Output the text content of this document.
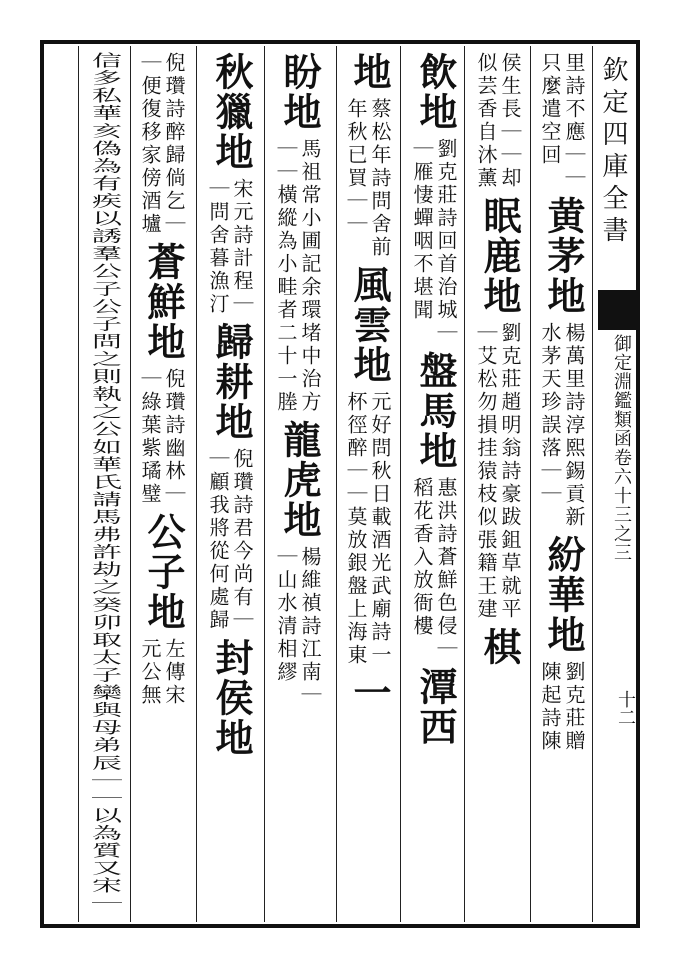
欽定四庫全書
御定淵鑑類函卷六十三之三
十二
里詩不應｜｜
只麼遣空回
黄茅地
楊萬里詩淳熙錫貢新
水茅天珍誤落｜｜
紛華地
劉克莊贈
陳起詩陳
侯生長｜｜却
似芸香自沐薰
眠鹿地
劉克莊趙明翁詩豪跋鉏草就平
｜艾松勿損挂猿枝似張籍王建
棋
飲地
劉克莊詩回首治城｜
｜雁悽蟬咽不堪聞
盤馬地
惠洪詩蒼鮮色侵｜
稻花香入放衙樓
潭西
地
蔡松年詩問舍前
年秋已買｜｜
風雲地
元好問秋日載酒光武廟詩一
杯徑醉｜｜莫放銀盤上海東
一
盼地
馬祖常小圃記余環堵中治方
｜｜橫縱為小畦者二十一塍
龍虎地
楊維禎詩江南｜
｜山水清相繆
秋獵地
宋元詩計程｜
｜問舍暮漁汀
歸耕地
倪瓚詩君今尚有｜
｜顧我將從何處歸
封侯地
倪瓚詩醉歸倘乞｜
｜便復移家傍酒壚
蒼鮮地
倪瓚詩幽林｜
｜綠葉紫璚璧
公子地
左傳宋
元公無
信多私華亥偽為有疾以誘羣公子公子問之則執之公如華氏請馬弗許劫之癸卯取太子欒與母弟辰｜｜以為質又宋｜
